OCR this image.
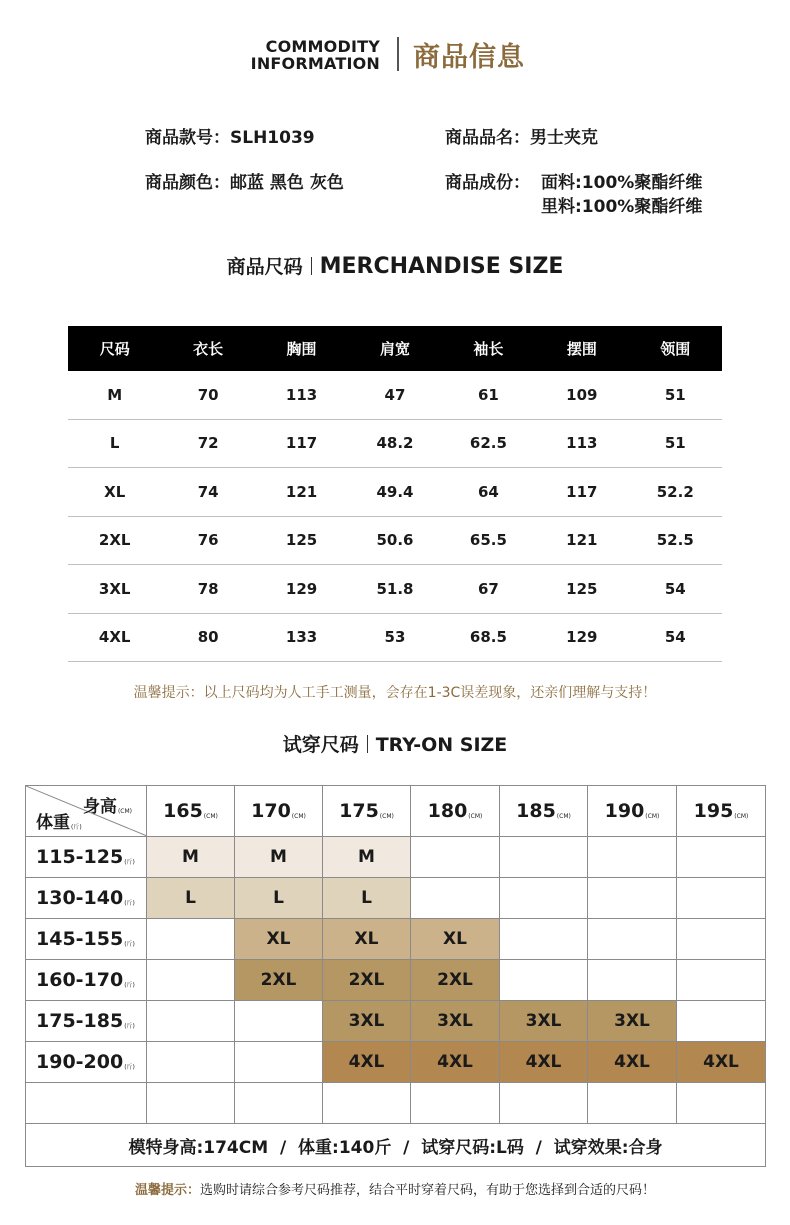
COMMODITY
INFORMATION 商品信息
商品款号：SLH1039	商品品名：男士夹克
商品颜色：邮蓝 黑色 灰色	商品成份： 面料:100%聚酯纤维
里料:100%聚酯纤维
商品尺码 MERCHANDISE SIZE
尺码	衣长	胸围	肩宽	袖长	摆围	领围
M	70	113	47	61	109	51
L	72	117	48.2	62.5	113	51
XL	74	121	49.4	64	117	52.2
2XL	76	125	50.6	65.5	121	52.5
3XL	78	129	51.8	67	125	54
4XL	80	133	53	68.5	129	54
温馨提示：以上尺码均为人工手工测量，会存在1-3C误差现象，还亲们理解与支持！
试穿尺码 TRY-ON SIZE
身高$_{(CM)}$
体重$_{(斤)}$	$165_{(CM)}$	$170_{(CM)}$	$175_{(CM)}$	$180_{(CM)}$	$185_{(CM)}$	$190_{(CM)}$	$195_{(CM)}$
$115-125_{(斤)}$	M	M	M				
$130-140_{(斤)}$	L	L	L				
$145-155_{(斤)}$		XL	XL	XL			
$160-170_{(斤)}$		2XL	2XL	2XL			
$175-185_{(斤)}$			3XL	3XL	3XL	3XL	
$190-200_{(斤)}$			4XL	4XL	4XL	4XL	4XL

模特身高:174CM  /  体重:140斤  /  试穿尺码:L码  /  试穿效果:合身							
温馨提示：选购时请综合参考尺码推荐，结合平时穿着尺码，有助于您选择到合适的尺码！
